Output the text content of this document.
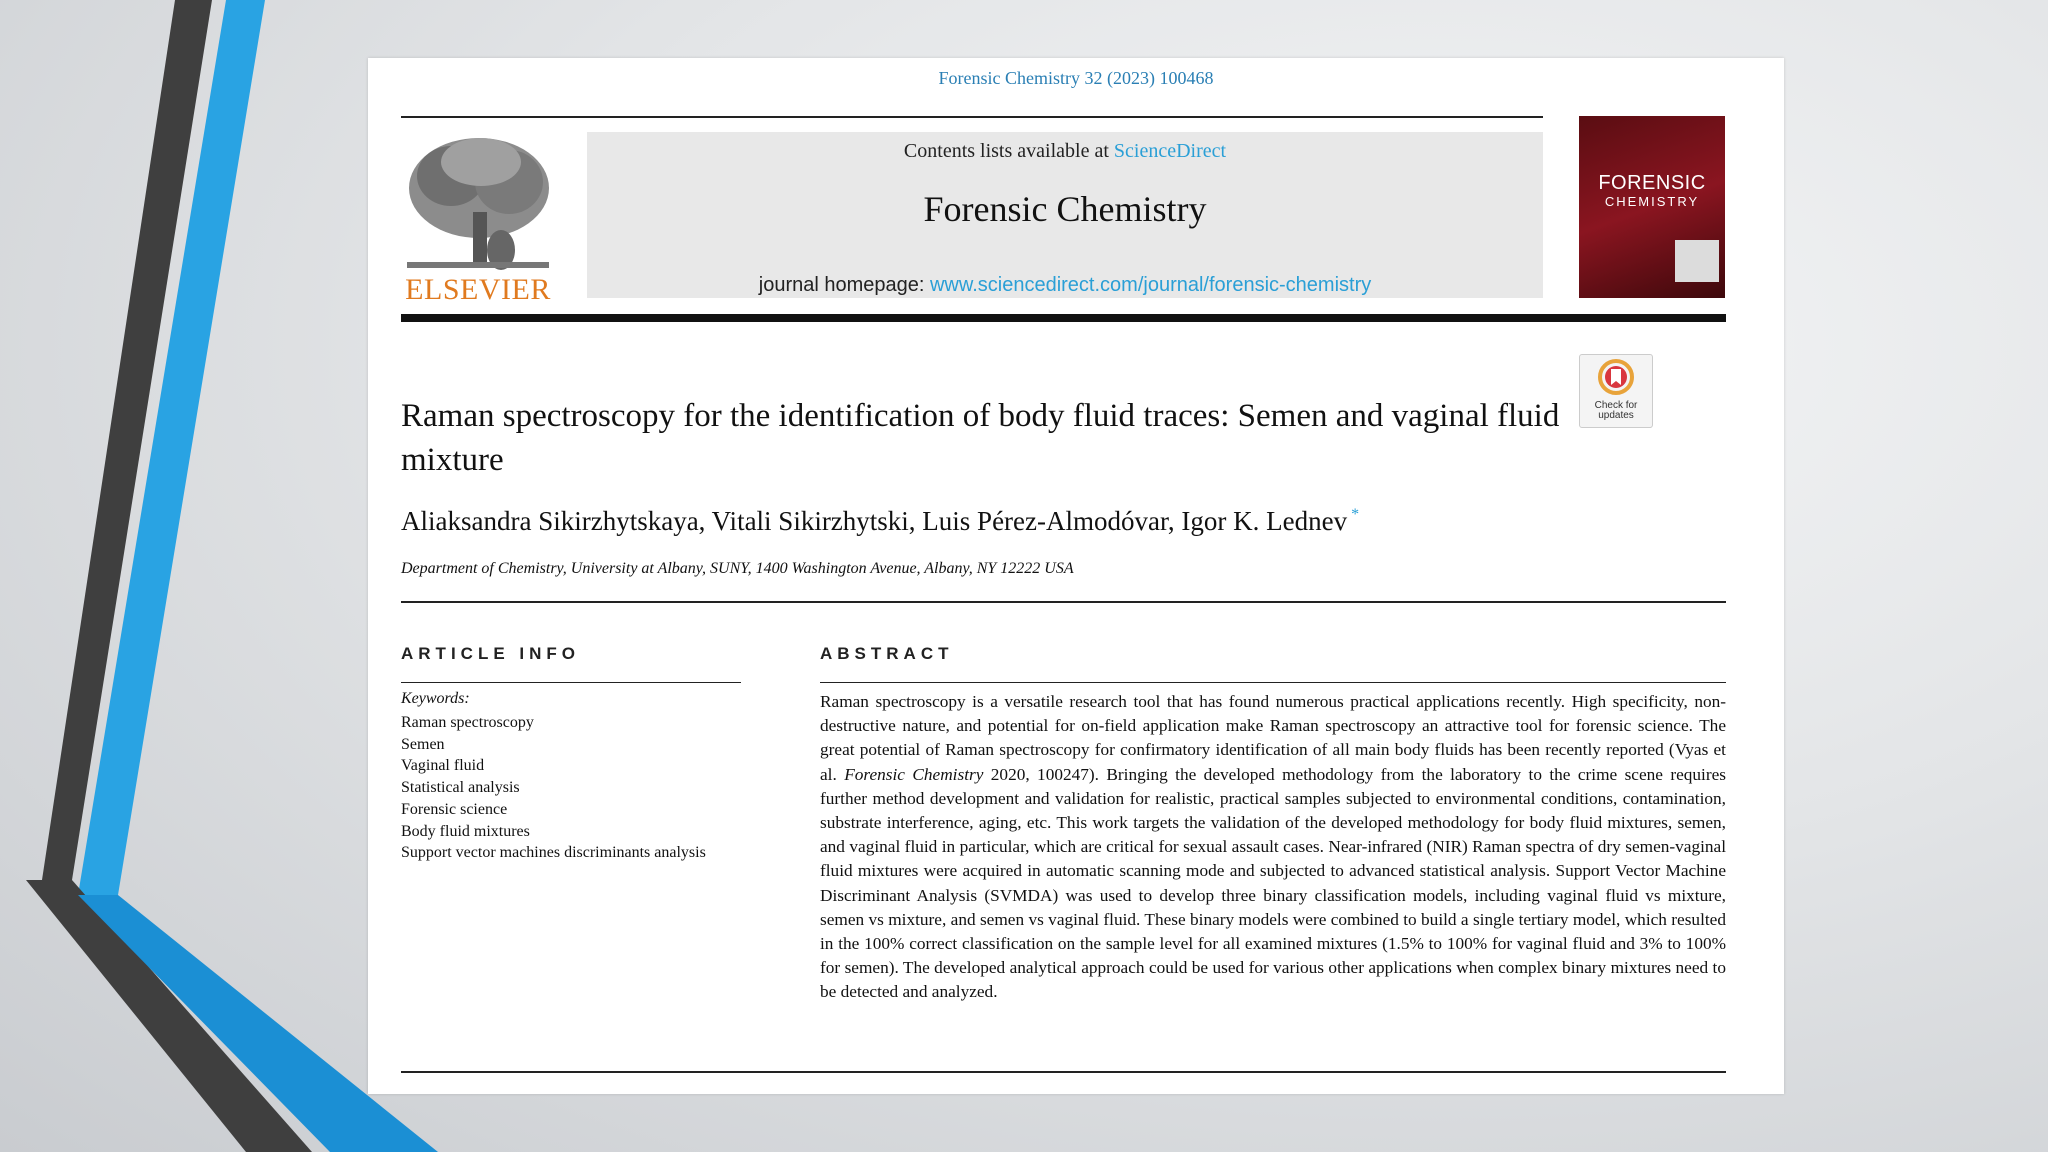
Forensic Chemistry 32 (2023) 100468
ELSEVIER
Contents lists available at ScienceDirect
Forensic Chemistry
journal homepage: www.sciencedirect.com/journal/forensic-chemistry
FORENSIC
CHEMISTRY
Check for
updates
Raman spectroscopy for the identification of body fluid traces: Semen and vaginal fluid mixture
Aliaksandra Sikirzhytskaya, Vitali Sikirzhytski, Luis Pérez-Almodóvar, Igor K. Lednev *
Department of Chemistry, University at Albany, SUNY, 1400 Washington Avenue, Albany, NY 12222 USA
ARTICLE INFO	ABSTRACT
Keywords:
Raman spectroscopy
Semen
Vaginal fluid
Statistical analysis
Forensic science
Body fluid mixtures
Support vector machines discriminants analysis
Raman spectroscopy is a versatile research tool that has found numerous practical applications recently. High specificity, non-destructive nature, and potential for on-field application make Raman spectroscopy an attractive tool for forensic science. The great potential of Raman spectroscopy for confirmatory identification of all main body fluids has been recently reported (Vyas et al. Forensic Chemistry 2020, 100247). Bringing the developed methodology from the laboratory to the crime scene requires further method development and validation for realistic, practical samples subjected to environmental conditions, contamination, substrate interference, aging, etc. This work targets the validation of the developed methodology for body fluid mixtures, semen, and vaginal fluid in particular, which are critical for sexual assault cases. Near-infrared (NIR) Raman spectra of dry semen-vaginal fluid mixtures were acquired in automatic scanning mode and subjected to advanced statistical analysis. Support Vector Machine Discriminant Analysis (SVMDA) was used to develop three binary classification models, including vaginal fluid vs mixture, semen vs mixture, and semen vs vaginal fluid. These binary models were combined to build a single tertiary model, which resulted in the 100% correct classification on the sample level for all examined mixtures (1.5% to 100% for vaginal fluid and 3% to 100% for semen). The developed analytical approach could be used for various other applications when complex binary mixtures need to be detected and analyzed.
